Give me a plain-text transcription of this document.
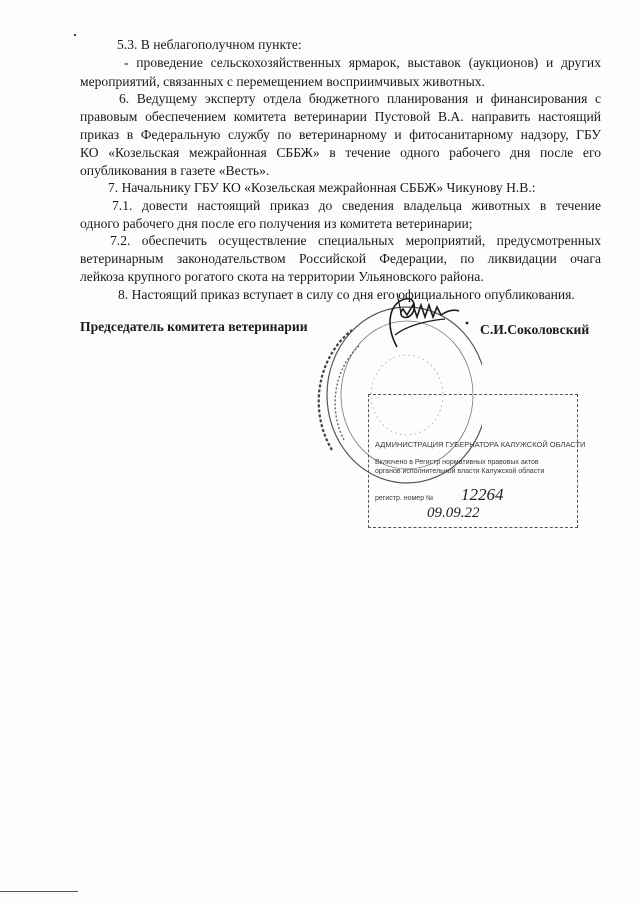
5.3. В неблагополучном пункте:
- проведение сельскохозяйственных ярмарок, выставок (аукционов) и других
мероприятий, связанных с перемещением восприимчивых животных.
6. Ведущему эксперту отдела бюджетного планирования и финансирования с
правовым обеспечением комитета ветеринарии Пустовой В.А. направить настоящий
приказ в Федеральную службу по ветеринарному и фитосанитарному надзору, ГБУ
КО «Козельская межрайонная СББЖ» в течение одного рабочего дня после его
опубликования в газете «Весть».
7. Начальнику ГБУ КО «Козельская межрайонная СББЖ» Чикунову Н.В.:
7.1. довести настоящий приказ до сведения владельца животных в течение
одного рабочего дня после его получения из комитета ветеринарии;
7.2. обеспечить осуществление специальных мероприятий, предусмотренных
ветеринарным законодательством Российской Федерации, по ликвидации очага
лейкоза крупного рогатого скота на территории Ульяновского района.
8. Настоящий приказ вступает в силу со дня его официального опубликования.
Председатель комитета ветеринарии	С.И.Соколовский
АДМИНИСТРАЦИЯ ГУБЕРНАТОРА КАЛУЖСКОЙ ОБЛАСТИ
Включено в Регистр нормативных правовых актов
органов исполнительной власти Калужской области
регистр. номер № 12264
09.09.22
